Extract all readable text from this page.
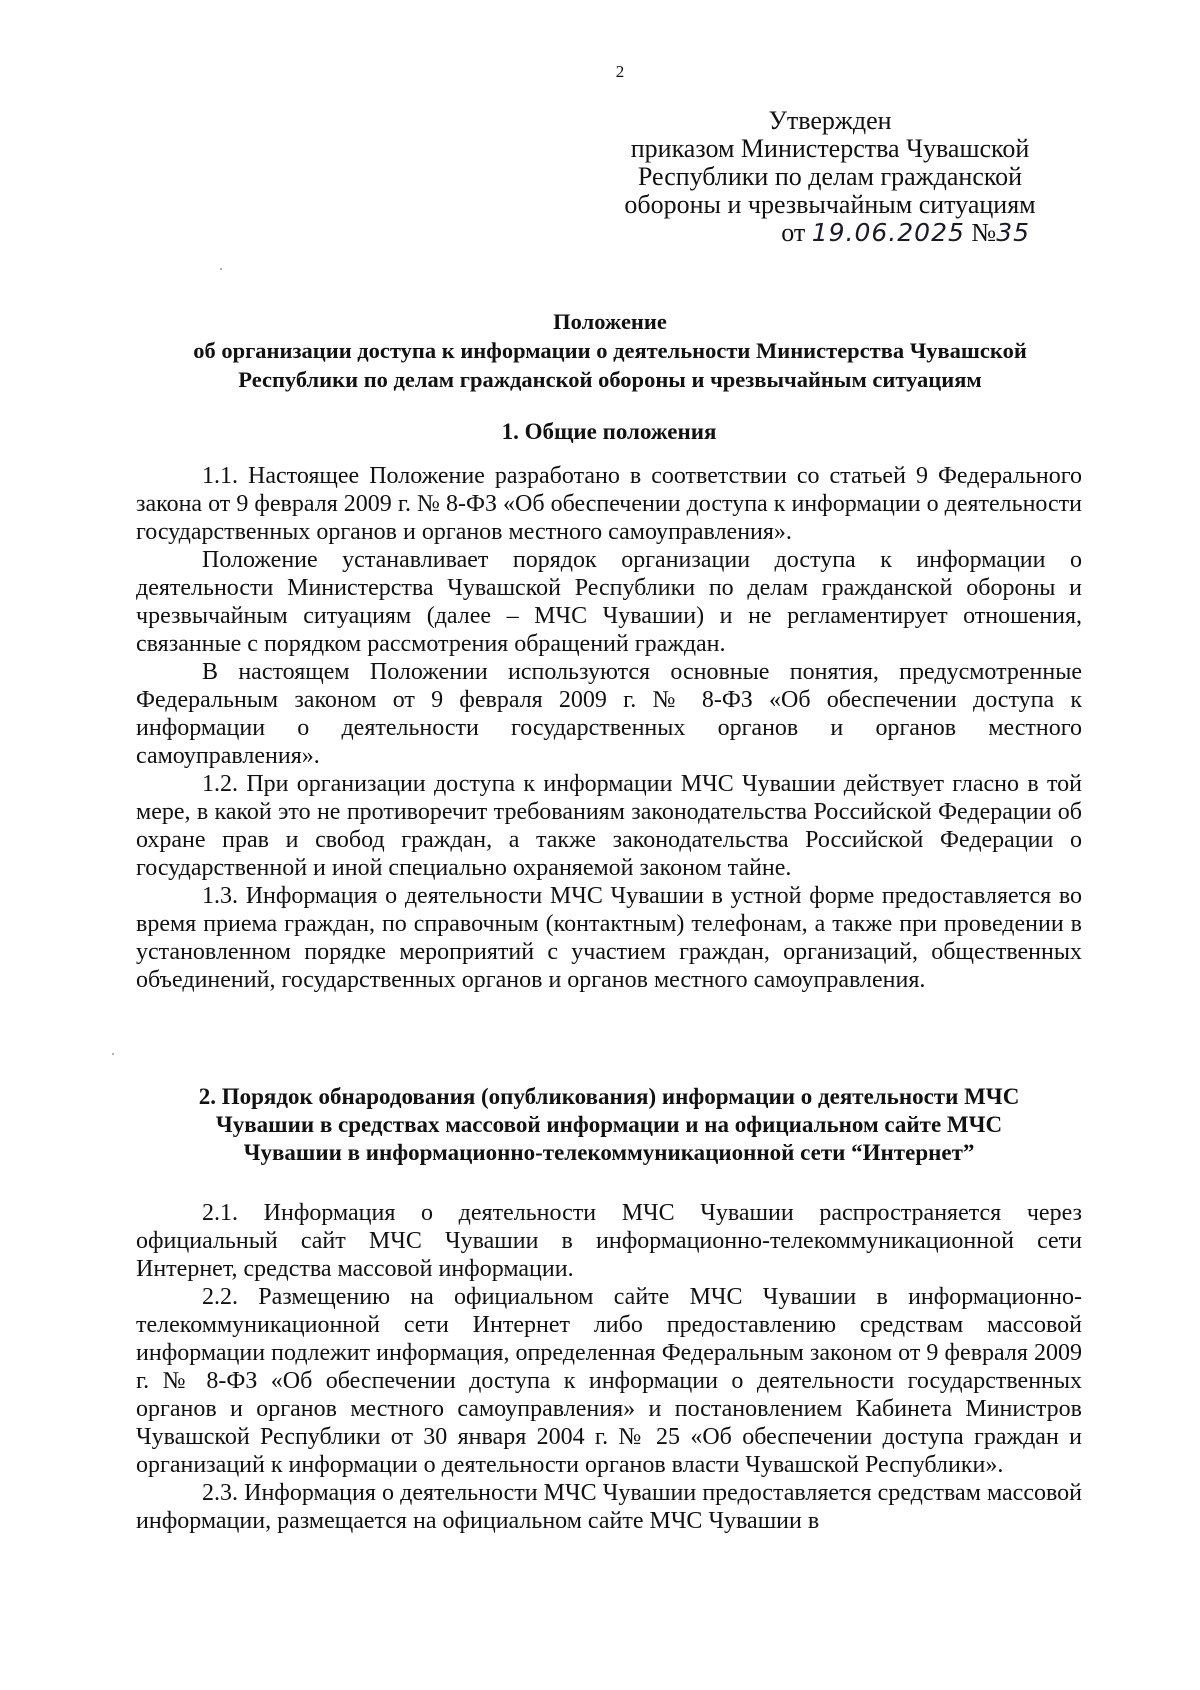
2
Утвержден
приказом Министерства Чувашской
Республики по делам гражданской
обороны и чрезвычайным ситуациям
от 19.06.2025 №35
Положение
об организации доступа к информации о деятельности Министерства Чувашской
Республики по делам гражданской обороны и чрезвычайным ситуациям
1. Общие положения

1.1. Настоящее Положение разработано в соответствии со статьей 9 Федерального закона от 9 февраля 2009 г. № 8-ФЗ «Об обеспечении доступа к информации о деятельности государственных органов и органов местного самоуправления».

Положение устанавливает порядок организации доступа к информации о деятельности Министерства Чувашской Республики по делам гражданской обороны и чрезвычайным ситуациям (далее – МЧС Чувашии) и не регламентирует отношения, связанные с порядком рассмотрения обращений граждан.

В настоящем Положении используются основные понятия, предусмотренные Федеральным законом от 9 февраля 2009 г. № 8-ФЗ «Об обеспечении доступа к информации о деятельности государственных органов и органов местного самоуправления».

1.2. При организации доступа к информации МЧС Чувашии действует гласно в той мере, в какой это не противоречит требованиям законодательства Российской Федерации об охране прав и свобод граждан, а также законодательства Российской Федерации о государственной и иной специально охраняемой законом тайне.

1.3. Информация о деятельности МЧС Чувашии в устной форме предоставляется во время приема граждан, по справочным (контактным) телефонам, а также при проведении в установленном порядке мероприятий с участием граждан, организаций, общественных объединений, государственных органов и органов местного самоуправления.

2. Порядок обнародования (опубликования) информации о деятельности МЧС
Чувашии в средствах массовой информации и на официальном сайте МЧС
Чувашии в информационно-телекоммуникационной сети “Интернет”

2.1. Информация о деятельности МЧС Чувашии распространяется через официальный сайт МЧС Чувашии в информационно-телекоммуникационной сети Интернет, средства массовой информации.

2.2. Размещению на официальном сайте МЧС Чувашии в информационно-телекоммуникационной сети Интернет либо предоставлению средствам массовой информации подлежит информация, определенная Федеральным законом от 9 февраля 2009 г. № 8-ФЗ «Об обеспечении доступа к информации о деятельности государственных органов и органов местного самоуправления» и постановлением Кабинета Министров Чувашской Республики от 30 января 2004 г. № 25 «Об обеспечении доступа граждан и организаций к информации о деятельности органов власти Чувашской Республики».

2.3. Информация о деятельности МЧС Чувашии предоставляется средствам массовой информации, размещается на официальном сайте МЧС Чувашии в
